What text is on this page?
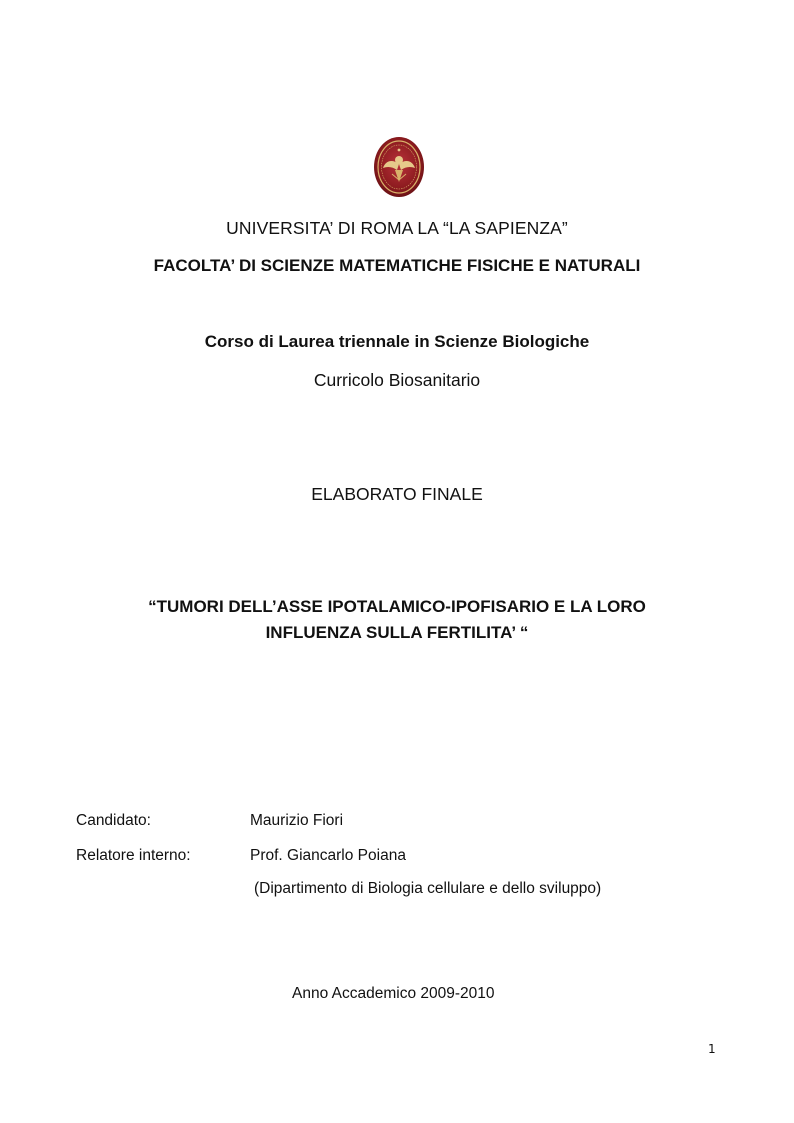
UNIVERSITA’ DI ROMA LA “LA SAPIENZA”
FACOLTA’ DI SCIENZE MATEMATICHE FISICHE E NATURALI
Corso di Laurea triennale in Scienze Biologiche
Curricolo Biosanitario
ELABORATO FINALE
“TUMORI DELL’ASSE IPOTALAMICO-IPOFISARIO E LA LORO
INFLUENZA SULLA FERTILITA’ “
Candidato:	Maurizio Fiori
Relatore interno:	Prof. Giancarlo Poiana
(Dipartimento di Biologia cellulare e dello sviluppo)
Anno Accademico 2009-2010
1
